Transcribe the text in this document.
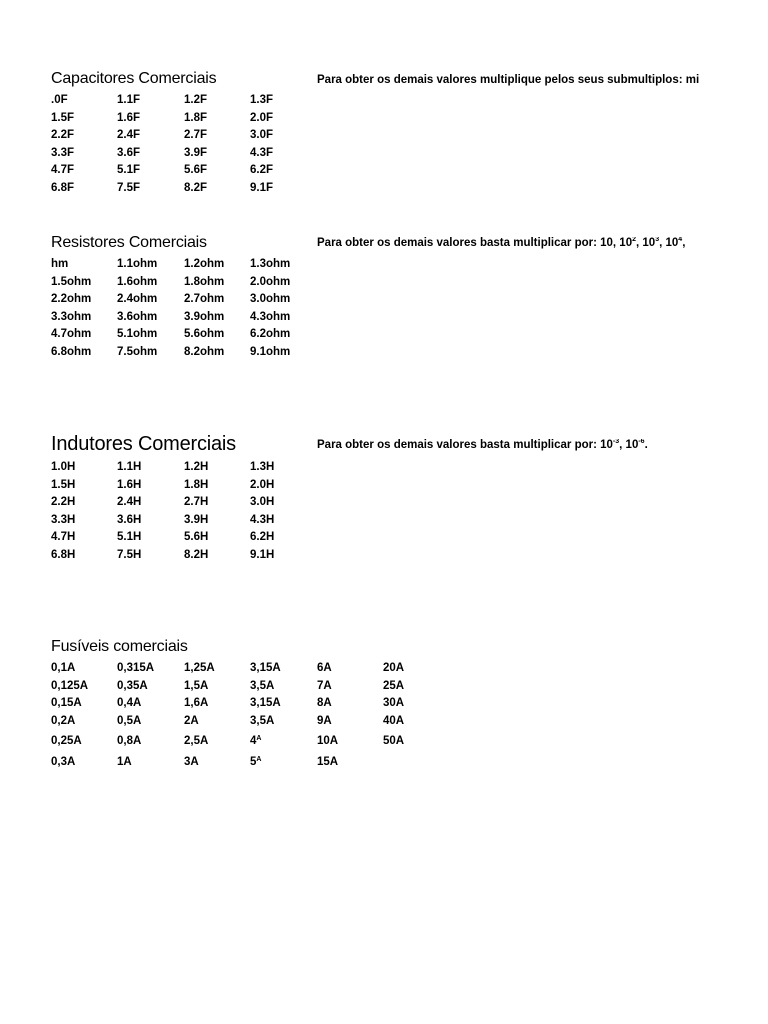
Capacitores Comerciais	Para obter os demais valores multiplique pelos seus submultiplos: mi
.0F	1.1F	1.2F	1.3F
1.5F	1.6F	1.8F	2.0F
2.2F	2.4F	2.7F	3.0F
3.3F	3.6F	3.9F	4.3F
4.7F	5.1F	5.6F	6.2F
6.8F	7.5F	8.2F	9.1F
Resistores Comerciais	Para obter os demais valores basta multiplicar por: 10, $10^2$, $10^3$, $10^4$,
hm	1.1ohm 1.2ohm 1.3ohm
1.5ohm 1.6ohm 1.8ohm 2.0ohm
2.2ohm 2.4ohm 2.7ohm 3.0ohm
3.3ohm 3.6ohm 3.9ohm 4.3ohm
4.7ohm 5.1ohm 5.6ohm 6.2ohm
6.8ohm 7.5ohm 8.2ohm 9.1ohm
Indutores Comerciais	Para obter os demais valores basta multiplicar por: $10^{-3}$, $10^{-6}$.
1.0H	1.1H	1.2H	1.3H
1.5H	1.6H	1.8H	2.0H
2.2H	2.4H	2.7H	3.0H
3.3H	3.6H	3.9H	4.3H
4.7H	5.1H	5.6H	6.2H
6.8H	7.5H	8.2H	9.1H
Fusíveis comerciais
0,1A	0,315A	1,25A	3,15A	6A	20A
0,125A	0,35A	1,5A	3,5A	7A	25A
0,15A	0,4A	1,6A	3,15A	8A	30A
0,2A	0,5A	2A	3,5A	9A	40A
0,25A	0,8A	2,5A	$4^A$	10A	50A
0,3A	1A	3A	$5^A$	15A
